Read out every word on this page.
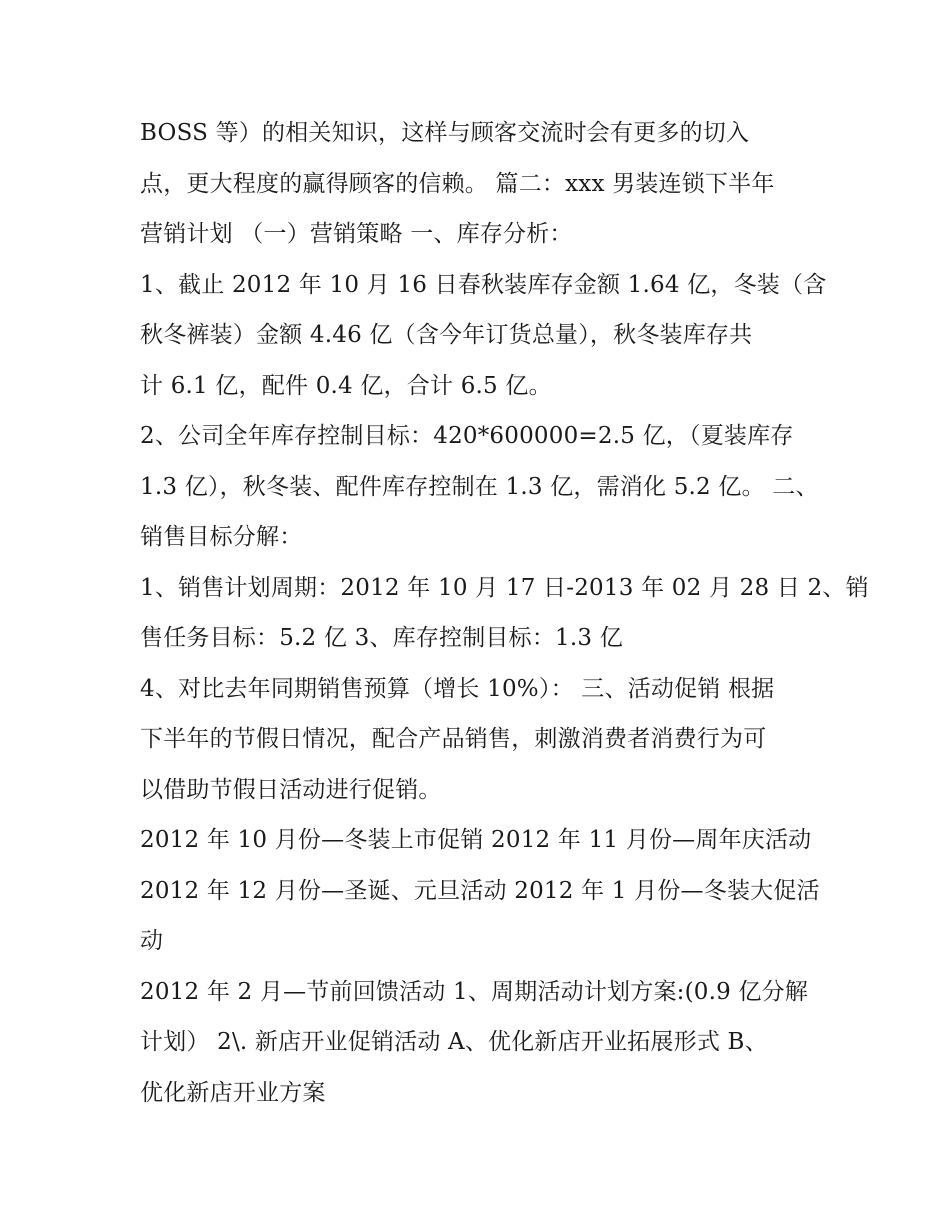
BOSS 等）的相关知识，这样与顾客交流时会有更多的切入
点，更大程度的赢得顾客的信赖。 篇二：xxx 男装连锁下半年
营销计划 （一）营销策略 一、库存分析：
1、截止 2012 年 10 月 16 日春秋装库存金额 1.64 亿，冬装（含
秋冬裤装）金额 4.46 亿（含今年订货总量），秋冬装库存共
计 6.1 亿，配件 0.4 亿，合计 6.5 亿。
2、公司全年库存控制目标：420*600000=2.5 亿，（夏装库存
1.3 亿），秋冬装、配件库存控制在 1.3 亿，需消化 5.2 亿。 二、
销售目标分解：
1、销售计划周期：2012 年 10 月 17 日-2013 年 02 月 28 日 2、销
售任务目标：5.2 亿 3、库存控制目标：1.3 亿
4、对比去年同期销售预算（增长 10%）： 三、活动促销 根据
下半年的节假日情况，配合产品销售，刺激消费者消费行为可
以借助节假日活动进行促销。
2012 年 10 月份—冬装上市促销 2012 年 11 月份—周年庆活动
2012 年 12 月份—圣诞、元旦活动 2012 年 1 月份—冬装大促活
动
2012 年 2 月—节前回馈活动 1、周期活动计划方案:(0.9 亿分解
计划） 2\. 新店开业促销活动 A、优化新店开业拓展形式 B、
优化新店开业方案
